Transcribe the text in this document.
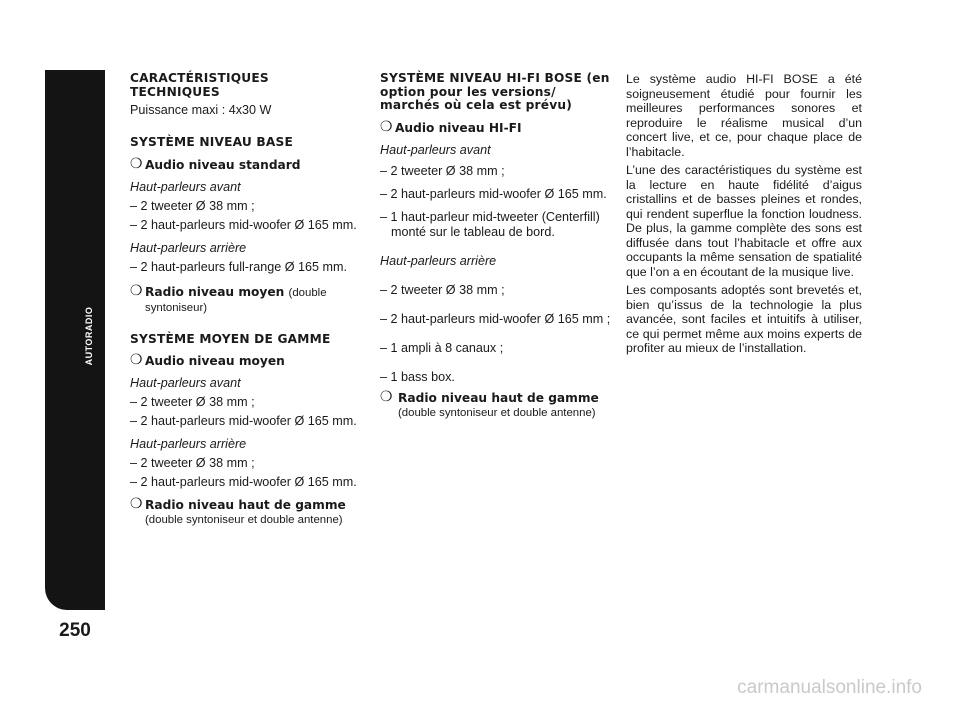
AUTORADIO
250

CARACTÉRISTIQUES TECHNIQUES

Puissance maxi : 4x30 W

SYSTÈME NIVEAU BASE

❍ Audio niveau standard

Haut-parleurs avant

– 2 tweeter Ø 38 mm ;

– 2 haut-parleurs mid-woofer Ø 165 mm.

Haut-parleurs arrière

– 2 haut-parleurs full-range Ø 165 mm.

❍ Radio niveau moyen (double syntoniseur)

SYSTÈME MOYEN DE GAMME

❍ Audio niveau moyen

Haut-parleurs avant

– 2 tweeter Ø 38 mm ;

– 2 haut-parleurs mid-woofer Ø 165 mm.

Haut-parleurs arrière

– 2 tweeter Ø 38 mm ;

– 2 haut-parleurs mid-woofer Ø 165 mm.

❍ Radio niveau haut de gamme (double syntoniseur et double antenne)

SYSTÈME NIVEAU HI-FI BOSE (en option pour les versions/ marchés où cela est prévu)

❍ Audio niveau HI-FI

Haut-parleurs avant

– 2 tweeter Ø 38 mm ;

– 2 haut-parleurs mid-woofer Ø 165 mm.

– 1 haut-parleur mid-tweeter (Centerfill) monté sur le tableau de bord.

Haut-parleurs arrière

– 2 tweeter Ø 38 mm ;

– 2 haut-parleurs mid-woofer Ø 165 mm ;

– 1 ampli à 8 canaux ;

– 1 bass box.

❍ Radio niveau haut de gamme (double syntoniseur et double antenne)

Le système audio HI-FI BOSE a été soigneusement étudié pour fournir les meilleures performances sonores et reproduire le réalisme musical d’un concert live, et ce, pour chaque place de l’habitacle.

L’une des caractéristiques du système est la lecture en haute fidélité d’aigus cristallins et de basses pleines et rondes, qui rendent superflue la fonction loudness. De plus, la gamme complète des sons est diffusée dans tout l’habitacle et offre aux occupants la même sensation de spatialité que l’on a en écoutant de la musique live.

Les composants adoptés sont brevetés et, bien qu’issus de la technologie la plus avancée, sont faciles et intuitifs à utiliser, ce qui permet même aux moins experts de profiter au mieux de l’installation.

carmanualsonline.info
